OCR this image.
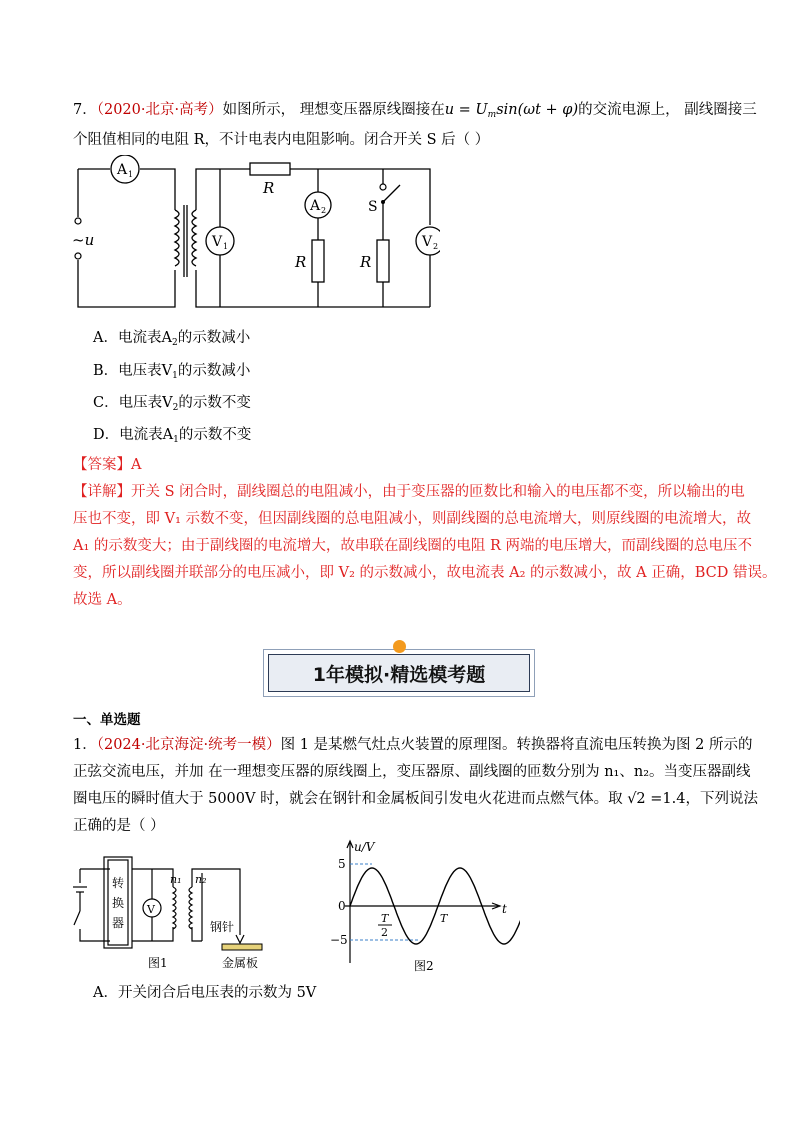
7．（2020·北京·高考）如图所示， 理想变压器原线圈接在$u = U_m\sin(\omega t + \varphi)$的交流电源上， 副线圈接三
个阻值相同的电阻 R，不计电表内电阻影响。闭合开关 S 后（ ）
~u
A 1
R
V 1
A 2
R
S
R
V 2
A．电流表$A_2$的示数减小
B．电压表$V_1$的示数减小
C．电压表$V_2$的示数不变
D．电流表$A_1$的示数不变
【答案】A
【详解】开关 S 闭合时，副线圈总的电阻减小，由于变压器的匝数比和输入的电压都不变，所以输出的电
压也不变，即 V₁ 示数不变，但因副线圈的总电阻减小，则副线圈的总电流增大，则原线圈的电流增大，故
A₁ 的示数变大；由于副线圈的电流增大，故串联在副线圈的电阻 R 两端的电压增大，而副线圈的总电压不
变，所以副线圈并联部分的电压减小，即 V₂ 的示数减小，故电流表 A₂ 的示数减小，故 A 正确，BCD 错误。
故选 A。
1年模拟·精选模考题
一、单选题
1．（2024·北京海淀·统考一模）图 1 是某燃气灶点火装置的原理图。转换器将直流电压转换为图 2 所示的
正弦交流电压，并加 在一理想变压器的原线圈上，变压器原、副线圈的匝数分别为 n₁、n₂。当变压器副线
圈电压的瞬时值大于 5000V 时，就会在钢针和金属板间引发电火花进而点燃气体。取 √2 =1.4，下列说法
正确的是（ ）
V
转
换
器
n₁ n₂
钢针
金属板
图1
u/V
t
5
−5
0
T
2
T
图2
A．开关闭合后电压表的示数为 5V
